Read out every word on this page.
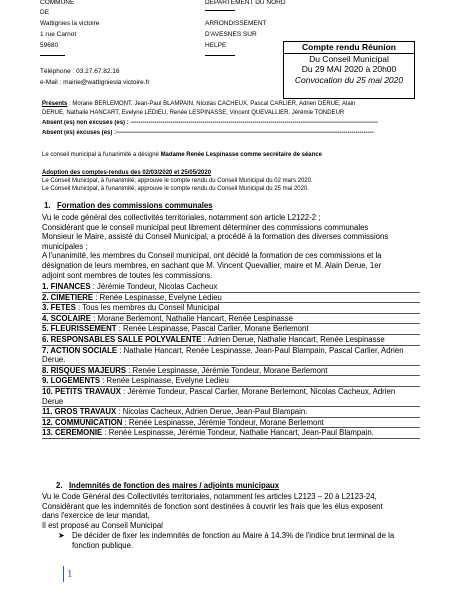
COMMUNE
DE
Wattignies la victoire
1 rue Carnot
59680
Téléphone : 03.27.67.82.16
e-Mail : mairie@wattigniesla victoire.fr
DEPARTEMENT DU NORD
ARRONDISSEMENT
D'AVESNES SUR
HELPE	Compte rendu Réunion
Du Conseil Municipal
Du 29 MAI 2020 à 20h00
Convocation du 25 mai 2020
Présents : Morane BERLEMONT, Jean-Paul BLAMPAIN, Nicolas CACHEUX, Pascal CARLIER, Adrien DERUE, Alain
DERUE, Nathalie HANCART, Evelyne LEDIEU, Renée LESPINASSE, Vincent QUEVALLIER, Jérémie TONDEUR
Absent (es) non excusés (es) : ----------------------------------------------------------------------------------------------------------------------------
Absent (es) excusés (es) :---------------------------------------------------------------------------------------------------------------------------------
Le conseil municipal à l'unanimité a désigné Madame Renée Lespinasse comme secrétaire de séance
Adoption des comptes-rendus des 02/03/2020 et 25/05/2020
Le Conseil Municipal, à l'unanimité, approuve le compte rendu du Conseil Municipal du 02 mars 2020.
Le Conseil Municipal, à l'unanimité, approuve le compte rendu du Conseil Municipal du 25 mai 2020.
1. Formation des commissions communales
Vu le code général des collectivités territoriales, notamment son article L2122-2 ;
Considérant que le conseil municipal peut librement déterminer des commissions communales
Monsieur le Maire, assisté du Conseil Municipal, a procédé à la formation des diverses commissions
municipales ;
A l'unanimité, les membres du Conseil municipal, ont décidé la formation de ces commissions et la
désignation de leurs membres, en sachant que M. Vincent Quevallier, maire et M. Alain Derue, 1er
adjoint sont membres de toutes les commissions.
1. FINANCES : Jérémie Tondeur, Nicolas Cacheux
2. CIMETIERE : Renée Lespinasse, Evelyne Ledieu
3. FETES : Tous les membres du Conseil Municipal
4. SCOLAIRE : Morane Berlemont, Nathalie Hancart, Renée Lespinasse
5. FLEURISSEMENT : Renée Lespinasse, Pascal Carlier, Morane Berlemont
6. RESPONSABLES SALLE POLYVALENTE : Adrien Derue, Nathalie Hancart, Renée Lespinasse
7. ACTION SOCIALE : Nathalie Hancart, Renée Lespinasse, Jean-Paul Blampain, Pascal Carlier, Adrien
Derue.
8. RISQUES MAJEURS : Renée Lespinasse, Jérémie Tondeur, Morane Berlemont
9. LOGEMENTS : Renée Lespinasse, Evelyne Ledieu
10. PETITS TRAVAUX : Jérémie Tondeur, Pascal Carlier, Morane Berlemont, Nicolas Cacheux, Adrien
Derue
11. GROS TRAVAUX : Nicolas Cacheux, Adrien Derue, Jean-Paul Blampain.
12. COMMUNICATION : Renée Lespinasse, Jérémie Tondeur, Morane Berlemont
13. CEREMONIE : Renée Lespinasse, Jérémie Tondeur, Nathalie Hancart, Jean-Paul Blampain.
2. Indemnités de fonction des maires / adjoints municipaux
Vu le Code Général des Collectivités territoriales, notamment les articles L2123 – 20 à L2123-24,
Considérant que les indemnités de fonction sont destinées à couvrir les frais que les élus exposent
dans l'exercice de leur mandat,
Il est proposé au Conseil Municipal
➤ De décider de fixer les indemnités de fonction au Maire à 14.3% de l'indice brut terminal de la
fonction publique.
1
